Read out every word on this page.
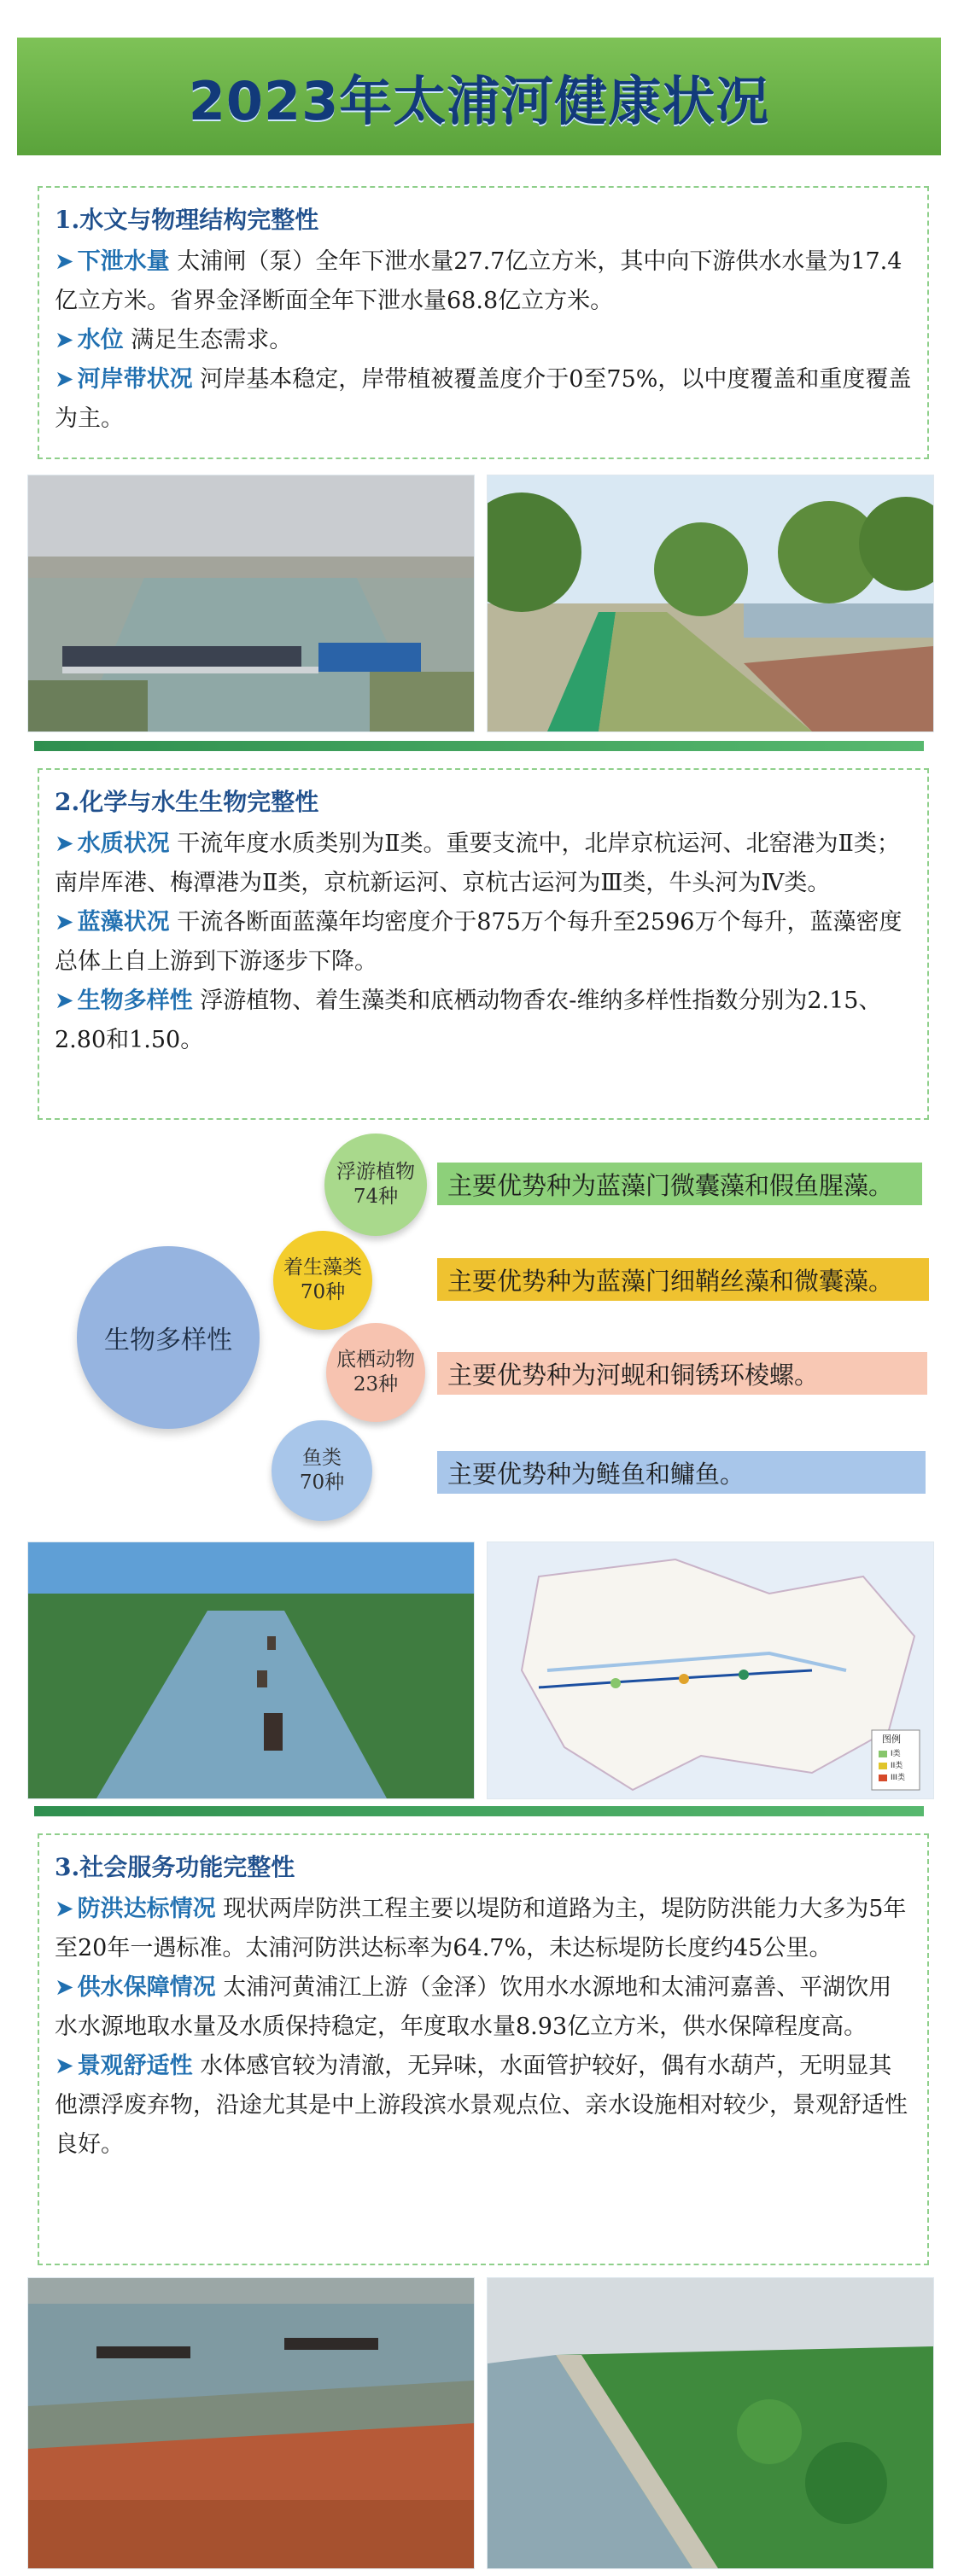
2023年太浦河健康状况
1.水文与物理结构完整性
➤ 下泄水量 太浦闸（泵）全年下泄水量27.7亿立方米，其中向下游供水水量为17.4亿立方米。省界金泽断面全年下泄水量68.8亿立方米。
➤ 水位 满足生态需求。
➤ 河岸带状况 河岸基本稳定，岸带植被覆盖度介于0至75%，以中度覆盖和重度覆盖为主。
2.化学与水生生物完整性
➤ 水质状况 干流年度水质类别为Ⅱ类。重要支流中，北岸京杭运河、北窑港为Ⅱ类；南岸厍港、梅潭港为Ⅱ类，京杭新运河、京杭古运河为Ⅲ类，牛头河为Ⅳ类。
➤ 蓝藻状况 干流各断面蓝藻年均密度介于875万个每升至2596万个每升，蓝藻密度总体上自上游到下游逐步下降。
➤ 生物多样性 浮游植物、着生藻类和底栖动物香农-维纳多样性指数分别为2.15、2.80和1.50。
生物多样性
浮游植物
74种	主要优势种为蓝藻门微囊藻和假鱼腥藻。
着生藻类
70种	主要优势种为蓝藻门细鞘丝藻和微囊藻。
底栖动物
23种	主要优势种为河蚬和铜锈环棱螺。
鱼类
70种	主要优势种为鲢鱼和鳙鱼。
图例
I类
II类
III类
3.社会服务功能完整性
➤ 防洪达标情况 现状两岸防洪工程主要以堤防和道路为主，堤防防洪能力大多为5年至20年一遇标准。太浦河防洪达标率为64.7%，未达标堤防长度约45公里。
➤ 供水保障情况 太浦河黄浦江上游（金泽）饮用水水源地和太浦河嘉善、平湖饮用水水源地取水量及水质保持稳定，年度取水量8.93亿立方米，供水保障程度高。
➤ 景观舒适性 水体感官较为清澈，无异味，水面管护较好，偶有水葫芦，无明显其他漂浮废弃物，沿途尤其是中上游段滨水景观点位、亲水设施相对较少，景观舒适性良好。
